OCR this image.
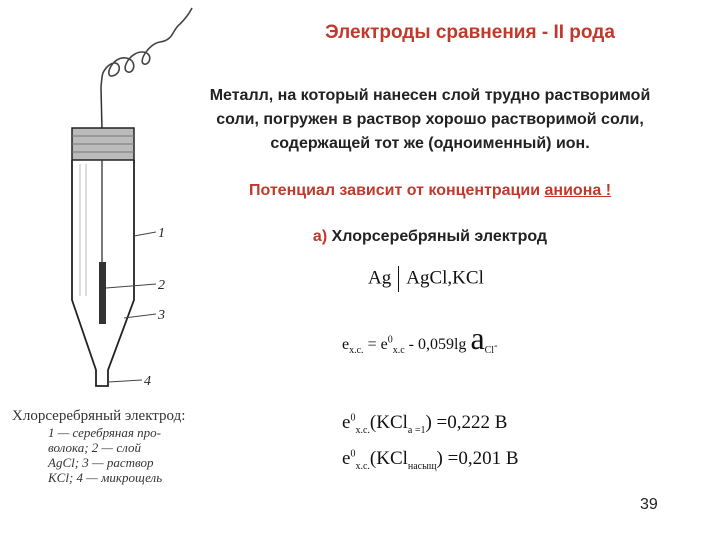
1
2
3
4
Электроды сравнения - II рода
Металл, на который нанесен слой трудно растворимой
соли, погружен в раствор хорошо растворимой соли,
содержащей тот же (одноименный) ион.
Потенциал зависит от концентрации аниона !
а) Хлорсеребряный электрод
Ag AgCl,KCl
$e_{х.с.} = e^0_{х.с} - 0,059\lg$ $a_{Cl^-}$
$e^0_{х.с.}(KCl_{a =1}) =0,222$ В
$e^0_{х.с.}(KCl_{насыщ}) =0,201$ В
Хлорсеребряный электрод:
1 — серебряная про-
волока; 2 — слой
AgCl; 3 — раствор
KCl; 4 — микрощель
39
